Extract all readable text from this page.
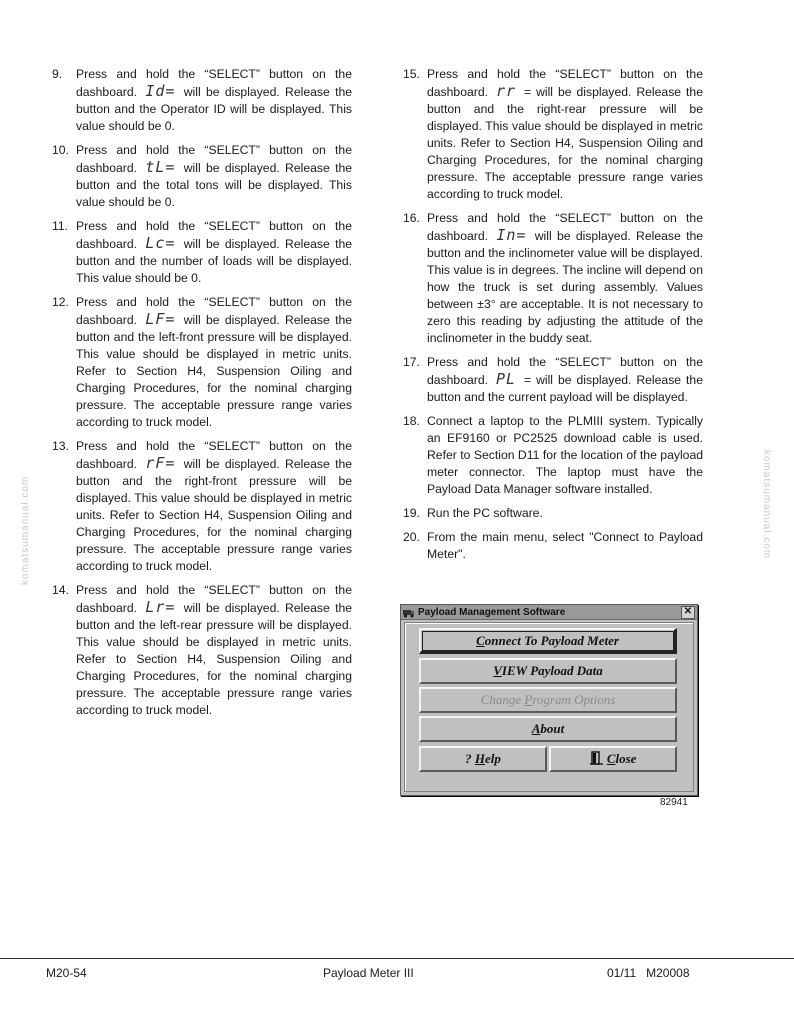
komatsumanual.com	komatsumanual.com
9. Press and hold the “SELECT” button on the dashboard. Id= will be displayed. Release the button and the Operator ID will be displayed. This value should be 0.
10. Press and hold the “SELECT” button on the dashboard. tL= will be displayed. Release the button and the total tons will be displayed. This value should be 0.
11. Press and hold the “SELECT” button on the dashboard. Lc= will be displayed. Release the button and the number of loads will be displayed. This value should be 0.
12. Press and hold the “SELECT” button on the dashboard. LF= will be displayed. Release the button and the left-front pressure will be displayed. This value should be displayed in metric units. Refer to Section H4, Suspension Oiling and Charging Procedures, for the nominal charging pressure. The acceptable pressure range varies according to truck model.
13. Press and hold the “SELECT” button on the dashboard. rF= will be displayed. Release the button and the right-front pressure will be displayed. This value should be displayed in metric units. Refer to Section H4, Suspension Oiling and Charging Procedures, for the nominal charging pressure. The acceptable pressure range varies according to truck model.
14. Press and hold the “SELECT” button on the dashboard. Lr= will be displayed. Release the button and the left-rear pressure will be displayed. This value should be displayed in metric units. Refer to Section H4, Suspension Oiling and Charging Procedures, for the nominal charging pressure. The acceptable pressure range varies according to truck model.
15. Press and hold the “SELECT” button on the dashboard. rr = will be displayed. Release the button and the right-rear pressure will be displayed. This value should be displayed in metric units. Refer to Section H4, Suspension Oiling and Charging Procedures, for the nominal charging pressure. The acceptable pressure range varies according to truck model.
16. Press and hold the “SELECT” button on the dashboard. In= will be displayed. Release the button and the inclinometer value will be displayed. This value is in degrees. The incline will depend on how the truck is set during assembly. Values between ±3° are acceptable. It is not necessary to zero this reading by adjusting the attitude of the inclinometer in the buddy seat.
17. Press and hold the “SELECT” button on the dashboard. PL = will be displayed. Release the button and the current payload will be displayed.
18. Connect a laptop to the PLMIII system. Typically an EF9160 or PC2525 download cable is used. Refer to Section D11 for the location of the payload meter connector. The laptop must have the Payload Data Manager software installed.
19. Run the PC software.
20. From the main menu, select "Connect to Payload Meter".
Payload Management Software	✕
Connect To Payload Meter
VIEW Payload Data
Change Program Options
About
? Help	Close
82941
M20-54	Payload Meter III	01/11   M20008
